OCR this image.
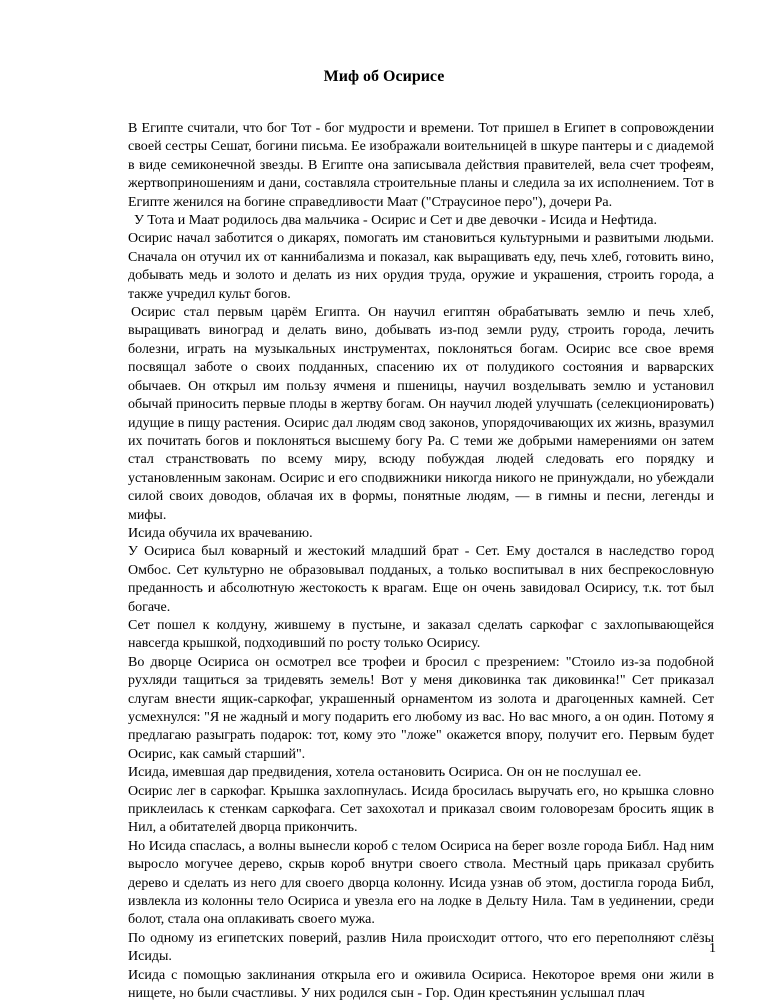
Миф об Осирисе

В Египте считали, что бог Тот - бог мудрости и времени. Тот пришел в Египет в сопровождении своей сестры Сешат, богини письма. Ее изображали воительницей в шкуре пантеры и с диадемой в виде семиконечной звезды. В Египте она записывала действия правителей, вела счет трофеям, жертвоприношениям и дани, составляла строительные планы и следила за их исполнением. Тот в Египте женился на богине справедливости Маат ("Страусиное перо"), дочери Ра.

У Тота и Маат родилось два мальчика - Осирис и Сет и две девочки - Исида и Нефтида.

Осирис начал заботится о дикарях, помогать им становиться культурными и развитыми людьми. Сначала он отучил их от каннибализма и показал, как выращивать еду, печь хлеб, готовить вино, добывать медь и золото и делать из них орудия труда, оружие и украшения, строить города, а также учредил культ богов.

Осирис стал первым царём Египта. Он научил египтян обрабатывать землю и печь хлеб, выращивать виноград и делать вино, добывать из-под земли руду, строить города, лечить болезни, играть на музыкальных инструментах, поклоняться богам. Осирис все свое время посвящал заботе о своих подданных, спасению их от полудикого состояния и варварских обычаев. Он открыл им пользу ячменя и пшеницы, научил возделывать землю и установил обычай приносить первые плоды в жертву богам. Он научил людей улучшать (селекционировать) идущие в пищу растения. Осирис дал людям свод законов, упорядочивающих их жизнь, вразумил их почитать богов и поклоняться высшему богу Ра. С теми же добрыми намерениями он затем стал странствовать по всему миру, всюду побуждая людей следовать его порядку и установленным законам. Осирис и его сподвижники никогда никого не принуждали, но убеждали силой своих доводов, облачая их в формы, понятные людям, — в гимны и песни, легенды и мифы.

Исида обучила их врачеванию.

У Осириса был коварный и жестокий младший брат - Сет. Ему достался в наследство город Омбос. Сет культурно не образовывал подданых, а только воспитывал в них беспрекословную преданность и абсолютную жестокость к врагам. Еще он очень завидовал Осирису, т.к. тот был богаче.

Сет пошел к колдуну, жившему в пустыне, и заказал сделать саркофаг с захлопывающейся навсегда крышкой, подходивший по росту только Осирису.

Во дворце Осириса он осмотрел все трофеи и бросил с презрением: "Стоило из-за подобной рухляди тащиться за тридевять земель! Вот у меня диковинка так диковинка!" Сет приказал слугам внести ящик-саркофаг, украшенный орнаментом из золота и драгоценных камней. Сет усмехнулся: "Я не жадный и могу подарить его любому из вас. Но вас много, а он один. Потому я предлагаю разыграть подарок: тот, кому это "ложе" окажется впору, получит его. Первым будет Осирис, как самый старший".

Исида, имевшая дар предвидения, хотела остановить Осириса. Он он не послушал ее.

Осирис лег в саркофаг. Крышка захлопнулась. Исида бросилась выручать его, но крышка словно приклеилась к стенкам саркофага. Сет захохотал и приказал своим головорезам бросить ящик в Нил, а обитателей дворца прикончить.

Но Исида спаслась, а волны вынесли короб с телом Осириса на берег возле города Библ. Над ним выросло могучее дерево, скрыв короб внутри своего ствола. Местный царь приказал срубить дерево и сделать из него для своего дворца колонну. Исида узнав об этом, достигла города Библ, извлекла из колонны тело Осириса и увезла его на лодке в Дельту Нила. Там в уединении, среди болот, стала она оплакивать своего мужа.

По одному из египетских поверий, разлив Нила происходит оттого, что его переполняют слёзы Исиды.

Исида с помощью заклинания открыла его и оживила Осириса. Некоторое время они жили в нищете, но были счастливы. У них родился сын - Гор. Один крестьянин услышал плач

1
